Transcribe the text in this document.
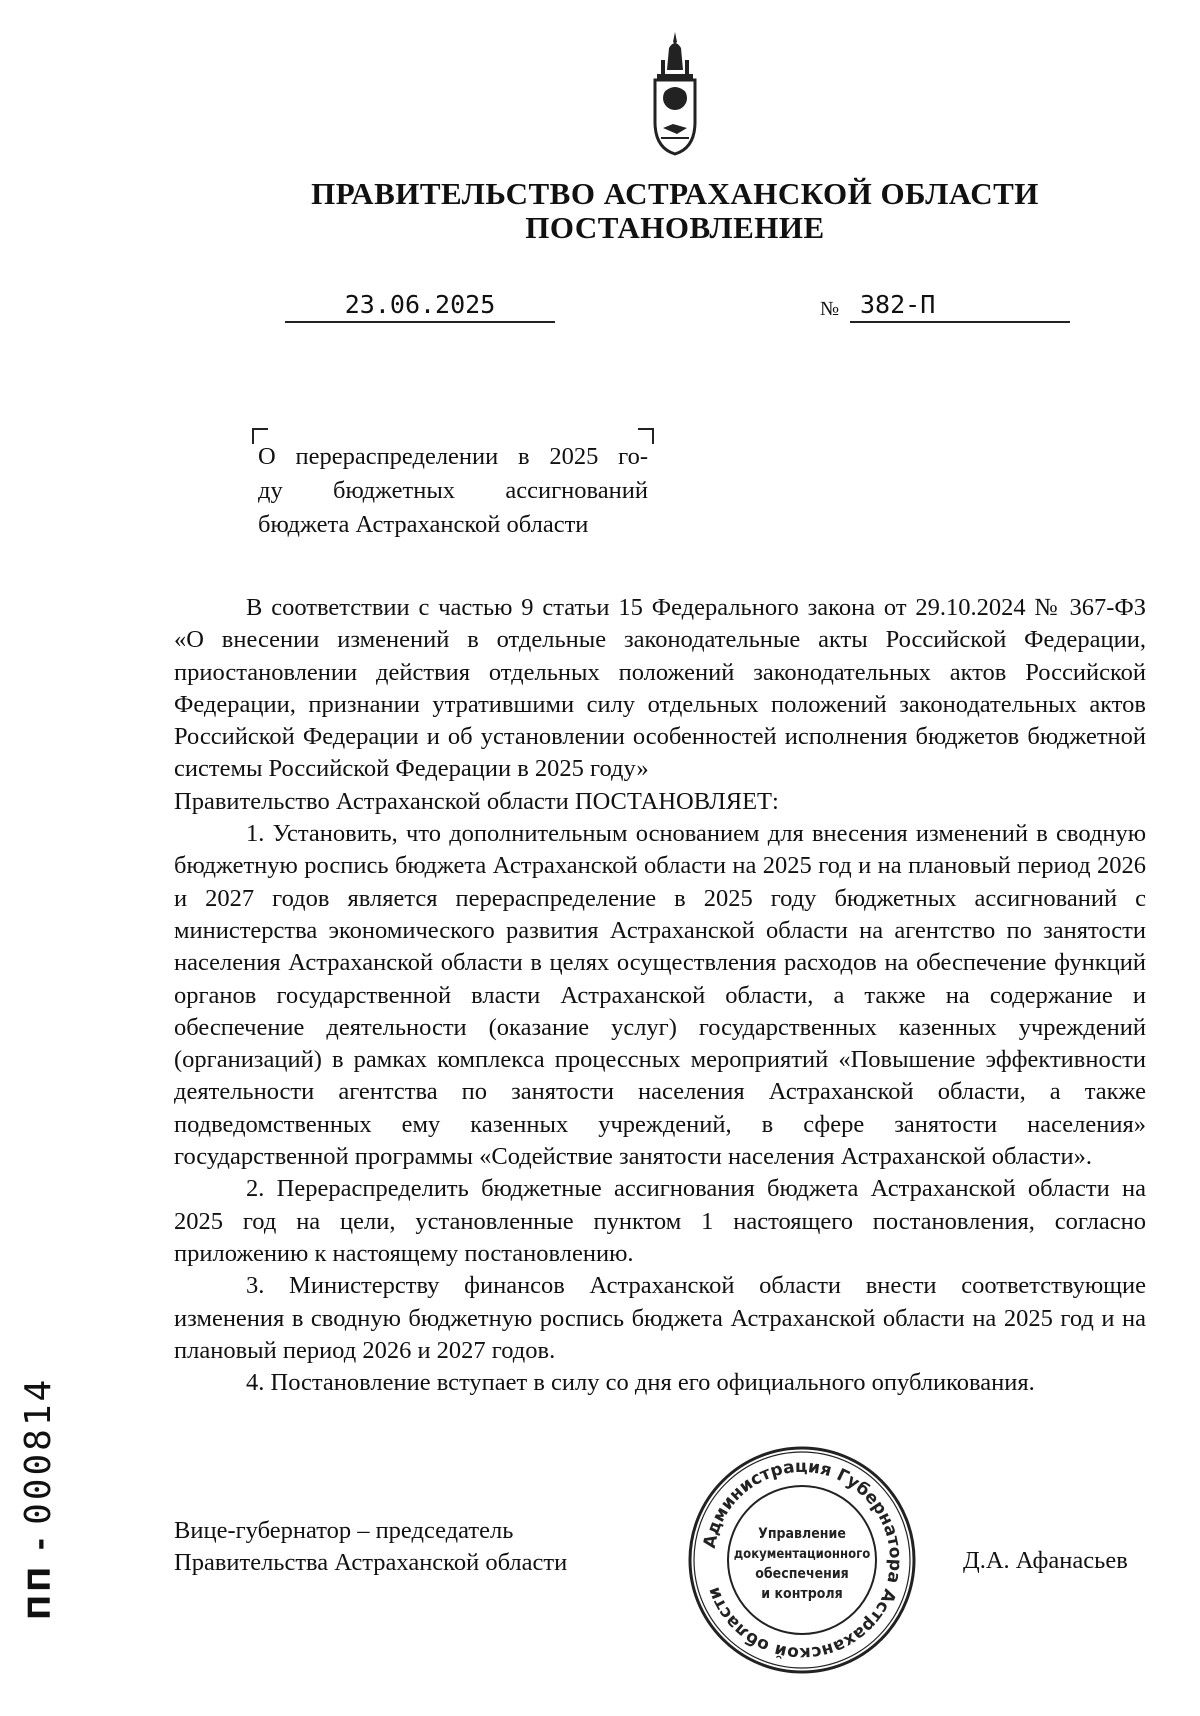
ПРАВИТЕЛЬСТВО АСТРАХАНСКОЙ ОБЛАСТИ
ПОСТАНОВЛЕНИЕ
23.06.2025	№ 382-П
О перераспределении в 2025 го-
ду бюджетных ассигнований
бюджета Астраханской области

В соответствии с частью 9 статьи 15 Федерального закона от 29.10.2024 № 367-ФЗ «О внесении изменений в отдельные законодательные акты Российской Федерации, приостановлении действия отдельных положений законодательных актов Российской Федерации, признании утратившими силу отдельных положений законодательных актов Российской Федерации и об установлении особенностей исполнения бюджетов бюджетной системы Российской Федерации в 2025 году»

Правительство Астраханской области ПОСТАНОВЛЯЕТ:

1. Установить, что дополнительным основанием для внесения изменений в сводную бюджетную роспись бюджета Астраханской области на 2025 год и на плановый период 2026 и 2027 годов является перераспределение в 2025 году бюджетных ассигнований с министерства экономического развития Астраханской области на агентство по занятости населения Астраханской области в целях осуществления расходов на обеспечение функций органов государственной власти Астраханской области, а также на содержание и обеспечение деятельности (оказание услуг) государственных казенных учреждений (организаций) в рамках комплекса процессных мероприятий «Повышение эффективности деятельности агентства по занятости населения Астраханской области, а также подведомственных ему казенных учреждений, в сфере занятости населения» государственной программы «Содействие занятости населения Астраханской области».

2. Перераспределить бюджетные ассигнования бюджета Астраханской области на 2025 год на цели, установленные пунктом 1 настоящего постановления, согласно приложению к настоящему постановлению.

3. Министерству финансов Астраханской области внести соответствующие изменения в сводную бюджетную роспись бюджета Астраханской области на 2025 год и на плановый период 2026 и 2027 годов.

4. Постановление вступает в силу со дня его официального опубликования.

Вице-губернатор – председатель
Правительства Астраханской области	Д.А. Афанасьев
Администрация Губернатора Астраханской области
Управление
документационного
обеспечения
и контроля
ПП -000814
